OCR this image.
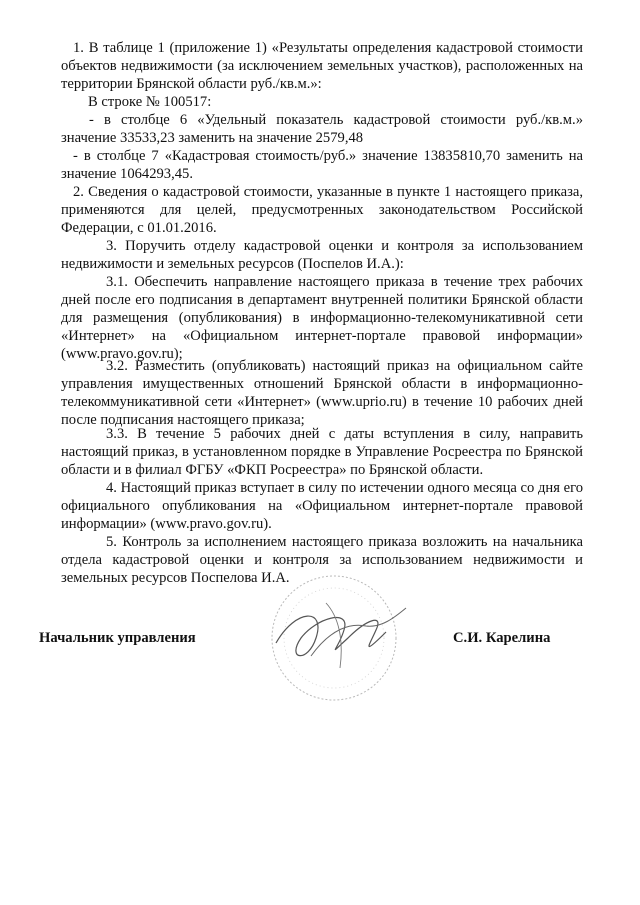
1. В таблице 1 (приложение 1) «Результаты определения кадастровой стоимости объектов недвижимости (за исключением земельных участков), расположенных на территории Брянской области руб./кв.м.»:

В строке № 100517:

- в столбце 6 «Удельный показатель кадастровой стоимости руб./кв.м.» значение 33533,23 заменить на значение 2579,48

- в столбце 7 «Кадастровая стоимость/руб.» значение 13835810,70 заменить на значение 1064293,45.

2. Сведения о кадастровой стоимости, указанные в пункте 1 настоящего приказа, применяются для целей, предусмотренных законодательством Российской Федерации, с 01.01.2016.

3. Поручить отделу кадастровой оценки и контроля за использованием недвижимости и земельных ресурсов (Поспелов И.А.):

3.1. Обеспечить направление настоящего приказа в течение трех рабочих дней после его подписания в департамент внутренней политики Брянской области для размещения (опубликования) в информационно-телекомуникативной сети «Интернет» на «Официальном интернет-портале правовой информации» (www.pravo.gov.ru);

3.2. Разместить (опубликовать) настоящий приказ на официальном сайте управления имущественных отношений Брянской области в информационно-телекоммуникативной сети «Интернет» (www.uprio.ru) в течение 10 рабочих дней после подписания настоящего приказа;

3.3. В течение 5 рабочих дней с даты вступления в силу, направить настоящий приказ, в установленном порядке в Управление Росреестра по Брянской области и в филиал ФГБУ «ФКП Росреестра» по Брянской области.

4. Настоящий приказ вступает в силу по истечении одного месяца со дня его официального опубликования на «Официальном интернет-портале правовой информации» (www.pravo.gov.ru).

5. Контроль за исполнением настоящего приказа возложить на начальника отдела кадастровой оценки и контроля за использованием недвижимости и земельных ресурсов Поспелова И.А.

Начальник управления	С.И. Карелина
